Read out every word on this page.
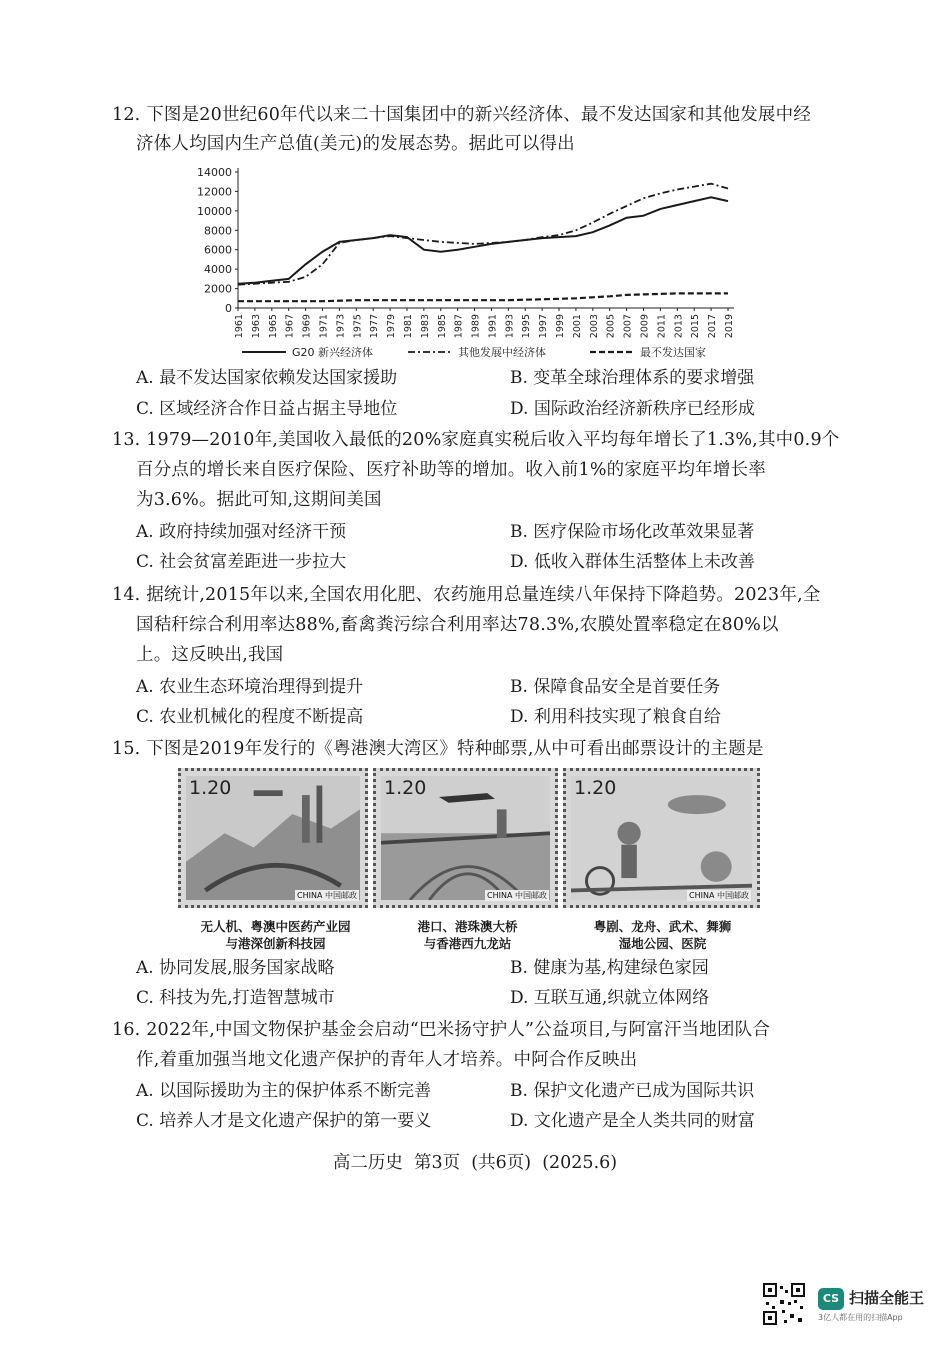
12. 下图是20世纪60年代以来二十国集团中的新兴经济体、最不发达国家和其他发展中经
济体人均国内生产总值(美元)的发展态势。据此可以得出
0
2000
4000
6000
8000
10000
12000
14000
1961 1963 1965 1967 1969 1971 1973 1975 1977 1979 1981 1983 1985 1987 1989 1991 1993 1995 1997 1999 2001 2003 2005 2007 2009 2011 2013 2015 2017 2019
G20 新兴经济体	其他发展中经济体	最不发达国家
A. 最不发达国家依赖发达国家援助	B. 变革全球治理体系的要求增强
C. 区域经济合作日益占据主导地位	D. 国际政治经济新秩序已经形成
13. 1979—2010年,美国收入最低的20%家庭真实税后收入平均每年增长了1.3%,其中0.9个
百分点的增长来自医疗保险、医疗补助等的增加。收入前1%的家庭平均年增长率
为3.6%。据此可知,这期间美国
A. 政府持续加强对经济干预	B. 医疗保险市场化改革效果显著
C. 社会贫富差距进一步拉大	D. 低收入群体生活整体上未改善
14. 据统计,2015年以来,全国农用化肥、农药施用总量连续八年保持下降趋势。2023年,全
国秸秆综合利用率达88%,畜禽粪污综合利用率达78.3%,农膜处置率稳定在80%以
上。这反映出,我国
A. 农业生态环境治理得到提升	B. 保障食品安全是首要任务
C. 农业机械化的程度不断提高	D. 利用科技实现了粮食自给
15. 下图是2019年发行的《粤港澳大湾区》特种邮票,从中可看出邮票设计的主题是
1.20
CHINA 中国邮政
1.20
CHINA 中国邮政
1.20
CHINA 中国邮政
无人机、粤澳中医药产业园
与港深创新科技园
港口、港珠澳大桥
与香港西九龙站
粤剧、龙舟、武术、舞狮
湿地公园、医院
A. 协同发展,服务国家战略	B. 健康为基,构建绿色家园
C. 科技为先,打造智慧城市	D. 互联互通,织就立体网络
16. 2022年,中国文物保护基金会启动“巴米扬守护人”公益项目,与阿富汗当地团队合
作,着重加强当地文化遗产保护的青年人才培养。中阿合作反映出
A. 以国际援助为主的保护体系不断完善	B. 保护文化遗产已成为国际共识
C. 培养人才是文化遗产保护的第一要义	D. 文化遗产是全人类共同的财富
高二历史  第3页  (共6页)  (2025.6)
CS 扫描全能王
3亿人都在用的扫描App
